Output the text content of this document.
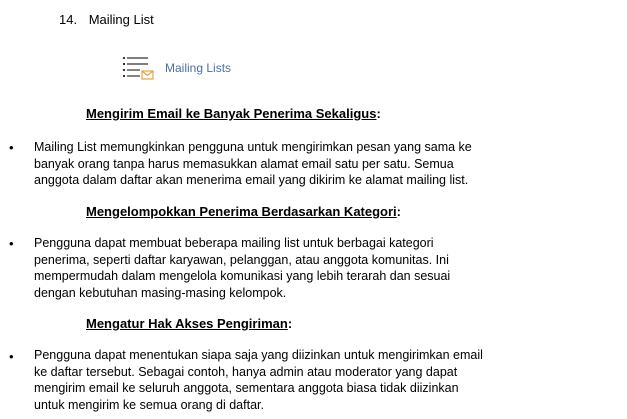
14. Mailing List
Mailing Lists
Mengirim Email ke Banyak Penerima Sekaligus:
• Mailing List memungkinkan pengguna untuk mengirimkan pesan yang sama ke
banyak orang tanpa harus memasukkan alamat email satu per satu. Semua
anggota dalam daftar akan menerima email yang dikirim ke alamat mailing list.
Mengelompokkan Penerima Berdasarkan Kategori:
• Pengguna dapat membuat beberapa mailing list untuk berbagai kategori
penerima, seperti daftar karyawan, pelanggan, atau anggota komunitas. Ini
mempermudah dalam mengelola komunikasi yang lebih terarah dan sesuai
dengan kebutuhan masing-masing kelompok.
Mengatur Hak Akses Pengiriman:
• Pengguna dapat menentukan siapa saja yang diizinkan untuk mengirimkan email
ke daftar tersebut. Sebagai contoh, hanya admin atau moderator yang dapat
mengirim email ke seluruh anggota, sementara anggota biasa tidak diizinkan
untuk mengirim ke semua orang di daftar.
